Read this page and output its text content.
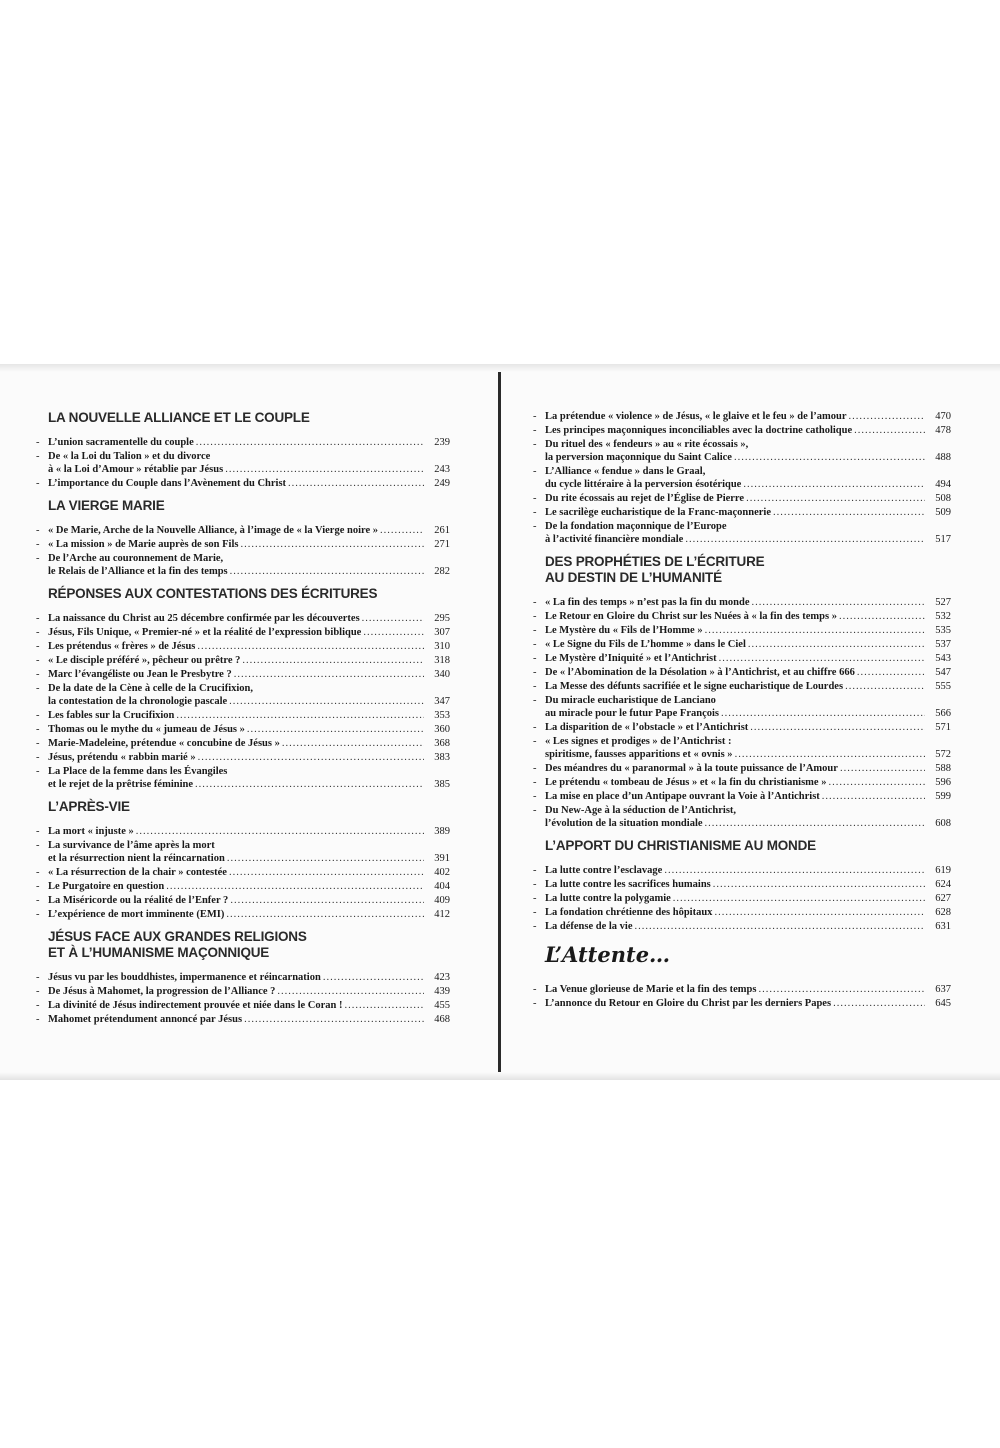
LA NOUVELLE ALLIANCE ET LE COUPLE
- L’union sacramentelle du couple .....	239
- De « la Loi du Talion » et du divorce
à « la Loi d’Amour » rétablie par Jésus .....	243
- L’importance du Couple dans l’Avènement du Christ .....	249
LA VIERGE MARIE
- « De Marie, Arche de la Nouvelle Alliance, à l’image de « la Vierge noire » .....	261
- « La mission » de Marie auprès de son Fils .....	271
- De l’Arche au couronnement de Marie,
le Relais de l’Alliance et la fin des temps .....	282
RÉPONSES AUX CONTESTATIONS DES ÉCRITURES
- La naissance du Christ au 25 décembre confirmée par les découvertes .....	295
- Jésus, Fils Unique, « Premier-né » et la réalité de l’expression biblique .....	307
- Les prétendus « frères » de Jésus .....	310
- « Le disciple préféré », pêcheur ou prêtre ? .....	318
- Marc l’évangéliste ou Jean le Presbytre ? .....	340
- De la date de la Cène à celle de la Crucifixion,
la contestation de la chronologie pascale .....	347
- Les fables sur la Crucifixion .....	353
- Thomas ou le mythe du « jumeau de Jésus » .....	360
- Marie-Madeleine, prétendue « concubine de Jésus » .....	368
- Jésus, prétendu « rabbin marié » .....	383
- La Place de la femme dans les Évangiles
et le rejet de la prêtrise féminine .....	385
L’APRÈS-VIE
- La mort « injuste » .....	389
- La survivance de l’âme après la mort
et la résurrection nient la réincarnation .....	391
- « La résurrection de la chair » contestée .....	402
- Le Purgatoire en question .....	404
- La Miséricorde ou la réalité de l’Enfer ? .....	409
- L’expérience de mort imminente (EMI) .....	412
JÉSUS FACE AUX GRANDES RELIGIONS
ET À L’HUMANISME MAÇONNIQUE
- Jésus vu par les bouddhistes, impermanence et réincarnation .....	423
- De Jésus à Mahomet, la progression de l’Alliance ? .....	439
- La divinité de Jésus indirectement prouvée et niée dans le Coran ! .....	455
- Mahomet prétendument annoncé par Jésus .....	468
- La prétendue « violence » de Jésus, « le glaive et le feu » de l’amour .....	470
- Les principes maçonniques inconciliables avec la doctrine catholique .....	478
- Du rituel des « fendeurs » au « rite écossais »,
la perversion maçonnique du Saint Calice .....	488
- L’Alliance « fendue » dans le Graal,
du cycle littéraire à la perversion ésotérique .....	494
- Du rite écossais au rejet de l’Église de Pierre .....	508
- Le sacrilège eucharistique de la Franc-maçonnerie .....	509
- De la fondation maçonnique de l’Europe
à l’activité financière mondiale .....	517
DES PROPHÉTIES DE L’ÉCRITURE
AU DESTIN DE L’HUMANITÉ
- « La fin des temps » n’est pas la fin du monde .....	527
- Le Retour en Gloire du Christ sur les Nuées à « la fin des temps » .....	532
- Le Mystère du « Fils de l’Homme » .....	535
- « Le Signe du Fils de L’homme » dans le Ciel .....	537
- Le Mystère d’Iniquité » et l’Antichrist .....	543
- De « l’Abomination de la Désolation » à l’Antichrist, et au chiffre 666 .....	547
- La Messe des défunts sacrifiée et le signe eucharistique de Lourdes .....	555
- Du miracle eucharistique de Lanciano
au miracle pour le futur Pape François .....	566
- La disparition de « l’obstacle » et l’Antichrist .....	571
- « Les signes et prodiges » de l’Antichrist :
spiritisme, fausses apparitions et « ovnis » .....	572
- Des méandres du « paranormal » à la toute puissance de l’Amour .....	588
- Le prétendu « tombeau de Jésus » et « la fin du christianisme » .....	596
- La mise en place d’un Antipape ouvrant la Voie à l’Antichrist .....	599
- Du New-Age à la séduction de l’Antichrist,
l’évolution de la situation mondiale .....	608
L’APPORT DU CHRISTIANISME AU MONDE
- La lutte contre l’esclavage .....	619
- La lutte contre les sacrifices humains .....	624
- La lutte contre la polygamie .....	627
- La fondation chrétienne des hôpitaux .....	628
- La défense de la vie .....	631
L’Attente…
- La Venue glorieuse de Marie et la fin des temps .....	637
- L’annonce du Retour en Gloire du Christ par les derniers Papes .....	645
